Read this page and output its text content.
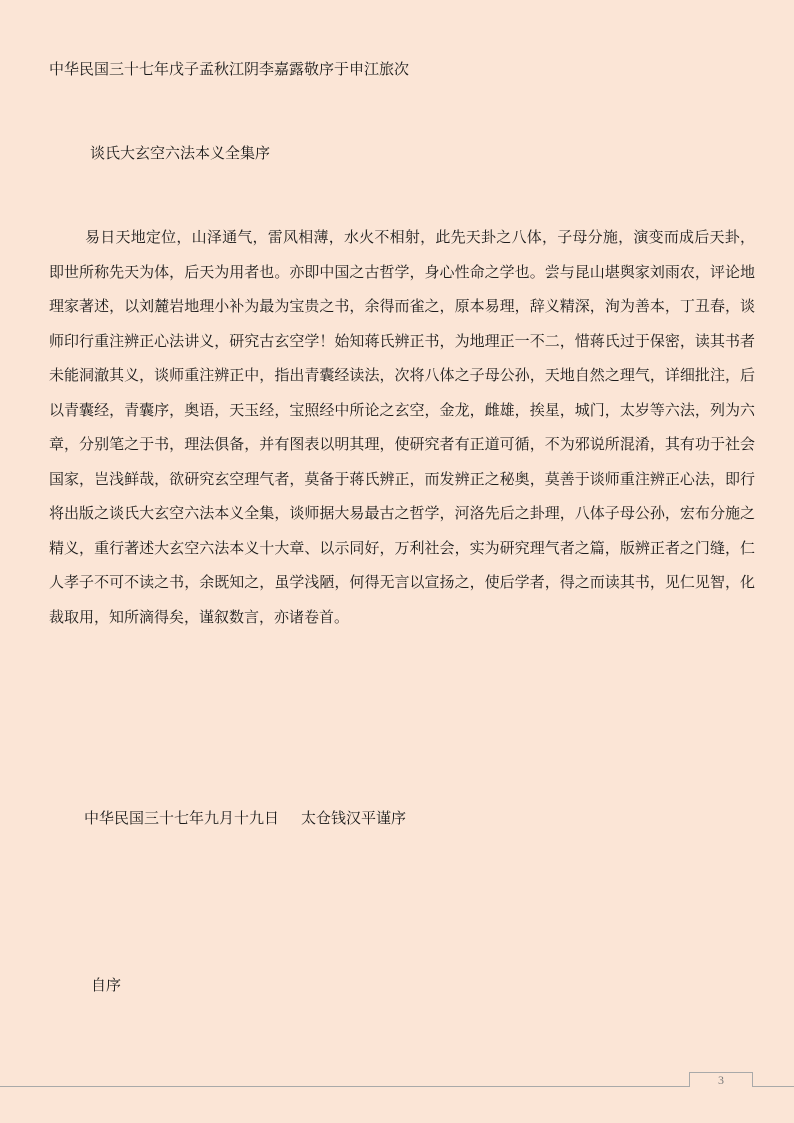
中华民国三十七年戊子孟秋江阴李嘉露敬序于申江旅次
谈氏大玄空六法本义全集序

易日天地定位，山泽通气，雷风相薄，水火不相射，此先天卦之八体，子母分施，演变而成后天卦，即世所称先天为体，后天为用者也。亦即中国之古哲学，身心性命之学也。尝与昆山堪舆家刘雨农，评论地理家著述，以刘麓岩地理小补为最为宝贵之书，余得而雀之，原本易理，辞义精深，洵为善本，丁丑春，谈师印行重注辨正心法讲义，研究古玄空学！始知蒋氏辨正书，为地理正一不二，惜蒋氏过于保密，读其书者未能洞澈其义，谈师重注辨正中，指出青囊经读法，次将八体之子母公孙，天地自然之理气，详细批注，后以青囊经，青囊序，奥语，天玉经，宝照经中所论之玄空，金龙，雌雄，挨星，城门，太岁等六法，列为六章，分别笔之于书，理法俱备，并有图表以明其理，使研究者有正道可循，不为邪说所混淆，其有功于社会国家，岂浅鲜哉，欲研究玄空理气者，莫备于蒋氏辨正，而发辨正之秘奥，莫善于谈师重注辨正心法，即行将出版之谈氏大玄空六法本义全集，谈师据大易最古之哲学，河洛先后之卦理，八体子母公孙，宏布分施之精义，重行著述大玄空六法本义十大章、以示同好，万利社会，实为研究理气者之篇，版辨正者之门缝，仁人孝子不可不读之书，余既知之，虽学浅陋，何得无言以宣扬之，使后学者，得之而读其书，见仁见智，化裁取用，知所滴得矣，谨叙数言，亦诸卷首。

中华民国三十七年九月十九日 太仓钱汉平谨序
自序
3
